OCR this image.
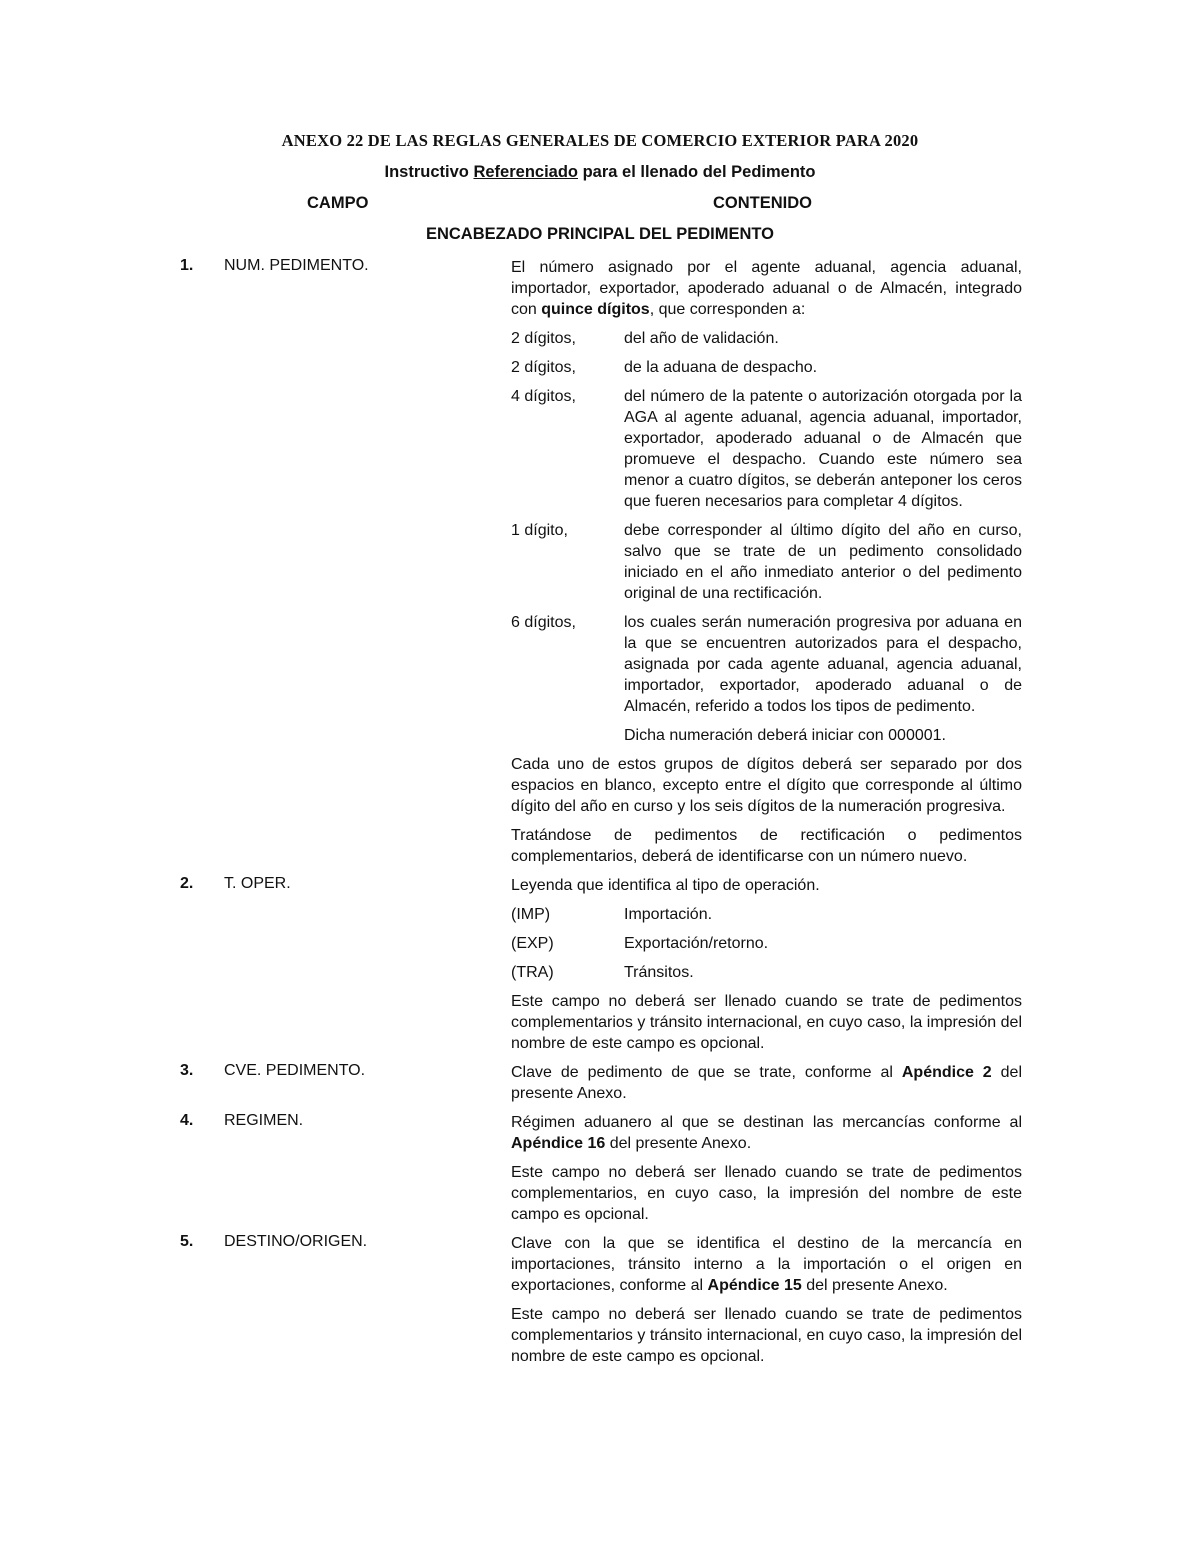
ANEXO 22 DE LAS REGLAS GENERALES DE COMERCIO EXTERIOR PARA 2020
Instructivo Referenciado para el llenado del Pedimento
CAMPO	CONTENIDO
ENCABEZADO PRINCIPAL DEL PEDIMENTO
1. NUM. PEDIMENTO.	El número asignado por el agente aduanal, agencia aduanal, importador, exportador, apoderado aduanal o de Almacén, integrado con quince dígitos, que corresponden a:

2 dígitos,	del año de validación.

2 dígitos,	de la aduana de despacho.

4 dígitos,	del número de la patente o autorización otorgada por la AGA al agente aduanal, agencia aduanal, importador, exportador, apoderado aduanal o de Almacén que promueve el despacho. Cuando este número sea menor a cuatro dígitos, se deberán anteponer los ceros que fueren necesarios para completar 4 dígitos.

1 dígito,	debe corresponder al último dígito del año en curso, salvo que se trate de un pedimento consolidado iniciado en el año inmediato anterior o del pedimento original de una rectificación.

6 dígitos,	los cuales serán numeración progresiva por aduana en la que se encuentren autorizados para el despacho, asignada por cada agente aduanal, agencia aduanal, importador, exportador, apoderado aduanal o de Almacén, referido a todos los tipos de pedimento.

Dicha numeración deberá iniciar con 000001.

Cada uno de estos grupos de dígitos deberá ser separado por dos espacios en blanco, excepto entre el dígito que corresponde al último dígito del año en curso y los seis dígitos de la numeración progresiva.

Tratándose de pedimentos de rectificación o pedimentos complementarios, deberá de identificarse con un número nuevo.

2. T. OPER.	Leyenda que identifica al tipo de operación.

(IMP)	Importación.

(EXP)	Exportación/retorno.

(TRA)	Tránsitos.

Este campo no deberá ser llenado cuando se trate de pedimentos complementarios y tránsito internacional, en cuyo caso, la impresión del nombre de este campo es opcional.

3. CVE. PEDIMENTO.	Clave de pedimento de que se trate, conforme al Apéndice 2 del presente Anexo.

4. REGIMEN.	Régimen aduanero al que se destinan las mercancías conforme al Apéndice 16 del presente Anexo.

Este campo no deberá ser llenado cuando se trate de pedimentos complementarios, en cuyo caso, la impresión del nombre de este campo es opcional.

5. DESTINO/ORIGEN.	Clave con la que se identifica el destino de la mercancía en importaciones, tránsito interno a la importación o el origen en exportaciones, conforme al Apéndice 15 del presente Anexo.

Este campo no deberá ser llenado cuando se trate de pedimentos complementarios y tránsito internacional, en cuyo caso, la impresión del nombre de este campo es opcional.
